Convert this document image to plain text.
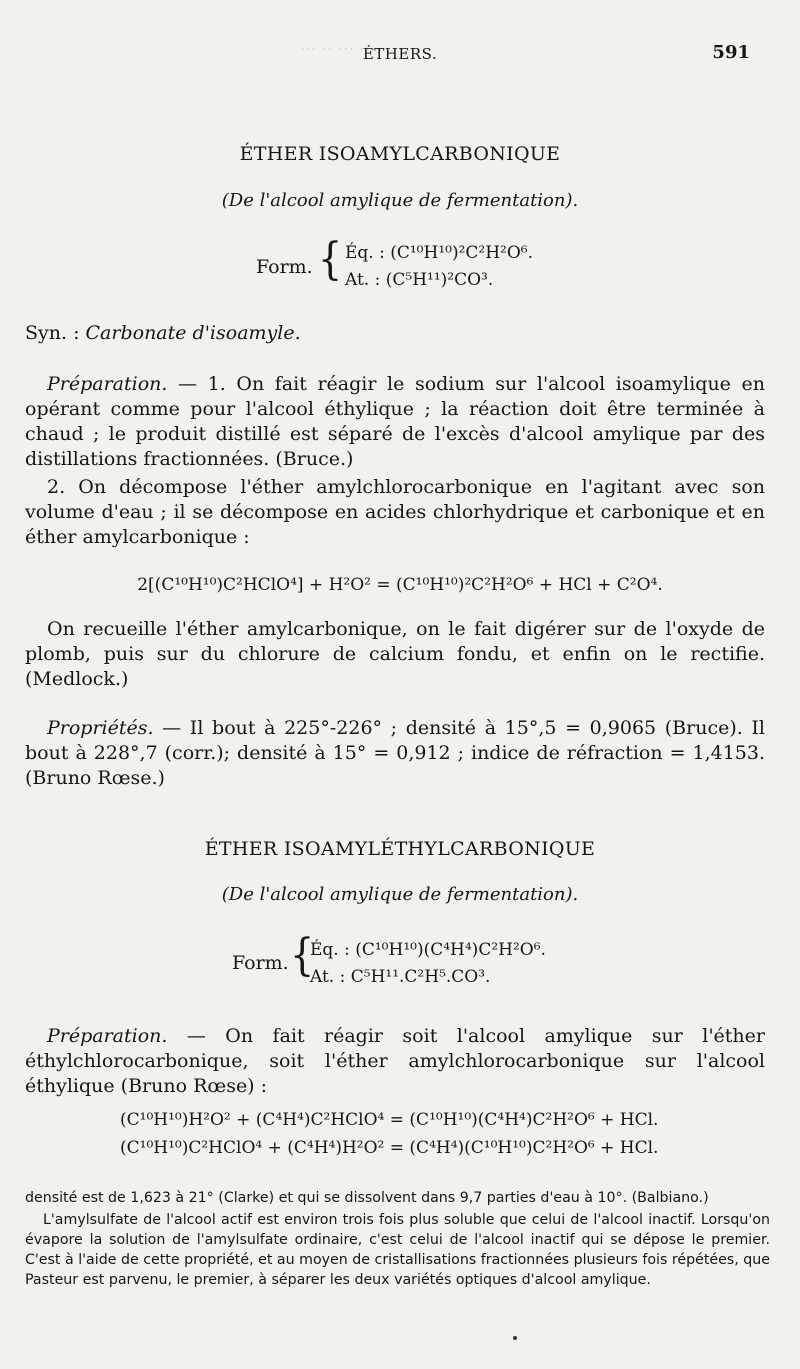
··· ·· ··· ····
ÉTHERS.	591
ÉTHER ISOAMYLCARBONIQUE
(De l'alcool amylique de fermentation).
Form. { Éq. : (C¹⁰H¹⁰)²C²H²O⁶.
At. : (C⁵H¹¹)²CO³.
Syn. : Carbonate d'isoamyle.
Préparation. — 1. On fait réagir le sodium sur l'alcool isoamylique en opérant comme pour l'alcool éthylique ; la réaction doit être terminée à chaud ; le produit distillé est séparé de l'excès d'alcool amylique par des distillations fractionnées. (Bruce.)
2. On décompose l'éther amylchlorocarbonique en l'agitant avec son volume d'eau ; il se décompose en acides chlorhydrique et carbonique et en éther amylcarbonique :
2[(C¹⁰H¹⁰)C²HClO⁴] + H²O² = (C¹⁰H¹⁰)²C²H²O⁶ + HCl + C²O⁴.
On recueille l'éther amylcarbonique, on le fait digérer sur de l'oxyde de plomb, puis sur du chlorure de calcium fondu, et enfin on le rectifie. (Medlock.)
Propriétés. — Il bout à 225°-226° ; densité à 15°,5 = 0,9065 (Bruce). Il bout à 228°,7 (corr.); densité à 15° = 0,912 ; indice de réfraction = 1,4153. (Bruno Rœse.)
ÉTHER ISOAMYLÉTHYLCARBONIQUE
(De l'alcool amylique de fermentation).
Form. {
Éq. : (C¹⁰H¹⁰)(C⁴H⁴)C²H²O⁶.
At. : C⁵H¹¹.C²H⁵.CO³.
Préparation. — On fait réagir soit l'alcool amylique sur l'éther éthylchlorocarbonique, soit l'éther amylchlorocarbonique sur l'alcool éthylique (Bruno Rœse) :
(C¹⁰H¹⁰)H²O² + (C⁴H⁴)C²HClO⁴ = (C¹⁰H¹⁰)(C⁴H⁴)C²H²O⁶ + HCl.
(C¹⁰H¹⁰)C²HClO⁴ + (C⁴H⁴)H²O² = (C⁴H⁴)(C¹⁰H¹⁰)C²H²O⁶ + HCl.
densité est de 1,623 à 21° (Clarke) et qui se dissolvent dans 9,7 parties d'eau à 10°. (Balbiano.)
L'amylsulfate de l'alcool actif est environ trois fois plus soluble que celui de l'alcool inactif. Lorsqu'on évapore la solution de l'amylsulfate ordinaire, c'est celui de l'alcool inactif qui se dépose le premier. C'est à l'aide de cette propriété, et au moyen de cristallisations fractionnées plusieurs fois répétées, que Pasteur est parvenu, le premier, à séparer les deux variétés optiques d'alcool amylique.
